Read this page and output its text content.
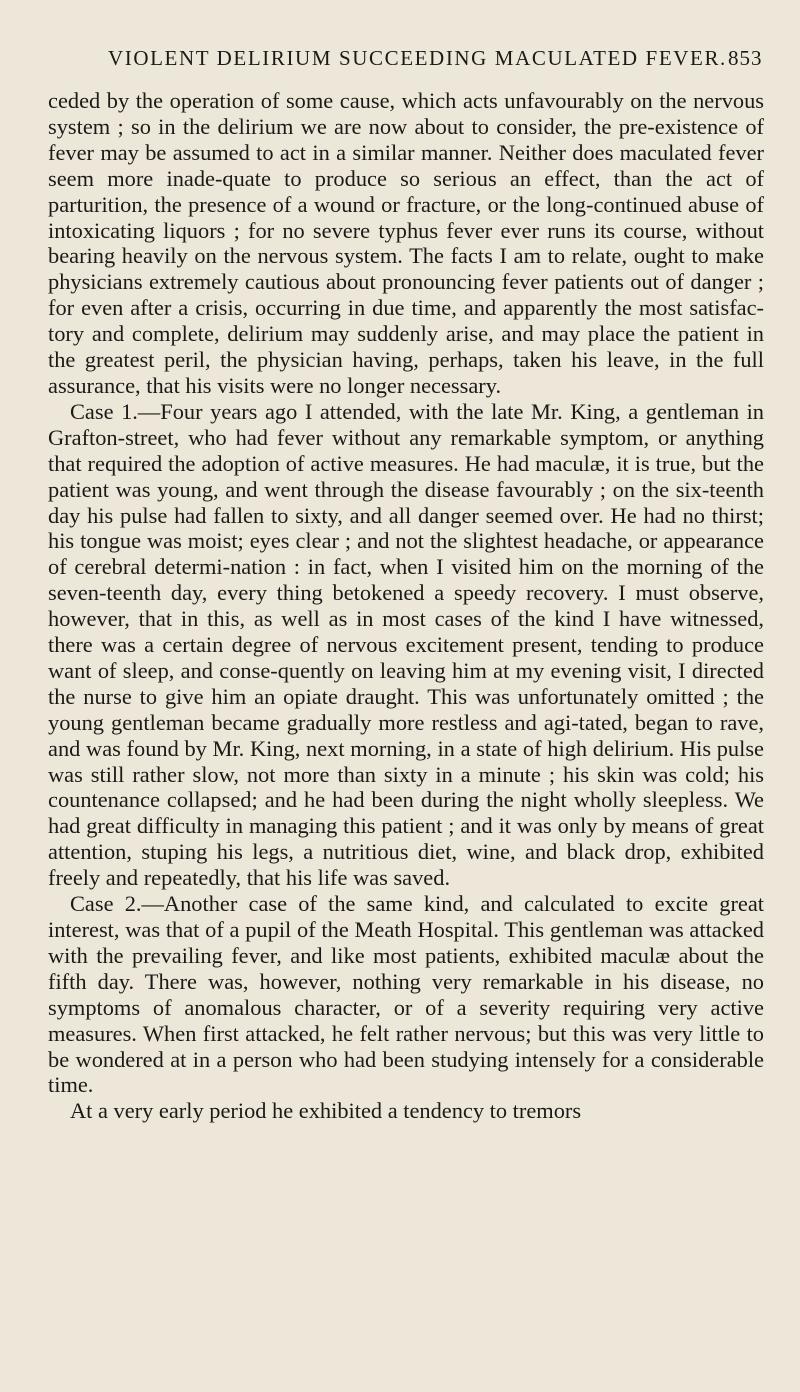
VIOLENT DELIRIUM SUCCEEDING MACULATED FEVER. 853

ceded by the operation of some cause, which acts unfavourably on the nervous system ; so in the delirium we are now about to consider, the pre-existence of fever may be assumed to act in a similar manner. Neither does maculated fever seem more inade-quate to produce so serious an effect, than the act of parturition, the presence of a wound or fracture, or the long-continued abuse of intoxicating liquors ; for no severe typhus fever ever runs its course, without bearing heavily on the nervous system. The facts I am to relate, ought to make physicians extremely cautious about pronouncing fever patients out of danger ; for even after a crisis, occurring in due time, and apparently the most satisfac-tory and complete, delirium may suddenly arise, and may place the patient in the greatest peril, the physician having, perhaps, taken his leave, in the full assurance, that his visits were no longer necessary.

Case 1.—Four years ago I attended, with the late Mr. King, a gentleman in Grafton-street, who had fever without any remarkable symptom, or anything that required the adoption of active measures. He had maculæ, it is true, but the patient was young, and went through the disease favourably ; on the six-teenth day his pulse had fallen to sixty, and all danger seemed over. He had no thirst; his tongue was moist; eyes clear ; and not the slightest headache, or appearance of cerebral determi-nation : in fact, when I visited him on the morning of the seven-teenth day, every thing betokened a speedy recovery. I must observe, however, that in this, as well as in most cases of the kind I have witnessed, there was a certain degree of nervous excitement present, tending to produce want of sleep, and conse-quently on leaving him at my evening visit, I directed the nurse to give him an opiate draught. This was unfortunately omitted ; the young gentleman became gradually more restless and agi-tated, began to rave, and was found by Mr. King, next morning, in a state of high delirium. His pulse was still rather slow, not more than sixty in a minute ; his skin was cold; his countenance collapsed; and he had been during the night wholly sleepless. We had great difficulty in managing this patient ; and it was only by means of great attention, stuping his legs, a nutritious diet, wine, and black drop, exhibited freely and repeatedly, that his life was saved.

Case 2.—Another case of the same kind, and calculated to excite great interest, was that of a pupil of the Meath Hospital. This gentleman was attacked with the prevailing fever, and like most patients, exhibited maculæ about the fifth day. There was, however, nothing very remarkable in his disease, no symptoms of anomalous character, or of a severity requiring very active measures. When first attacked, he felt rather nervous; but this was very little to be wondered at in a person who had been studying intensely for a considerable time.

At a very early period he exhibited a tendency to tremors
